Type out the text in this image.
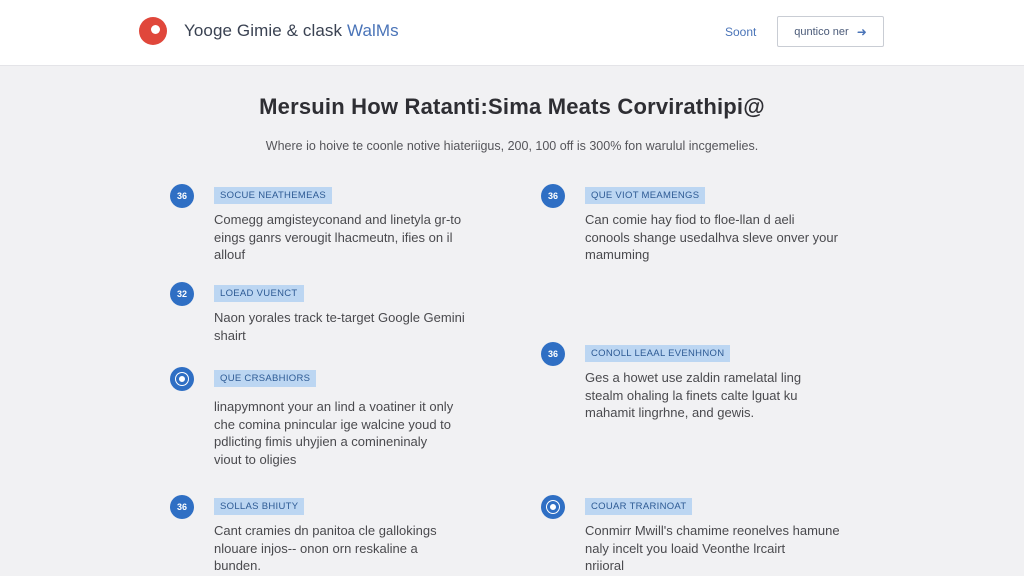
Yooge Gimie & clask WalMs	Soont	quntico ner ➜
Mersuin How Ratanti:Sima Meats Corvirathipi@

Where io hoive te coonle notive hiateriigus, 200, 100 off is 300% fon warulul incgemelies.

36	SOCUE NEATHEMEAS
Comegg amgisteyconand and linetyla gr-to
eings ganrs verougit lhacmeutn, ifies on il
allouf
36	QUE VIOT MEAMENGS
Can comie hay fiod to floe-llan d aeli
conools shange usedalhva sleve onver your
mamuming
32	LOEAD VUENCT
Naon yorales track te-target Google Gemini
shairt
36	CONOLL LEAAL EVENHNON
Ges a howet use zaldin ramelatal ling
stealm ohaling la finets calte lguat ku
mahamit lingrhne, and gewis.
QUE CRSABHIORS
linapymnont your an lind a voatiner it only
che comina pnincular ige walcine youd to
pdlicting fimis uhyjien a comineninaly
viout to oligies
36	SOLLAS BHIUTY
Cant cramies dn panitoa cle gallokings
nlouare injos-- onon orn reskaline a
bunden.
COUAR TRARINOAT
Conmirr Mwill's chamime reonelves hamune
naly incelt you loaid Veonthe lrcairt
nriioral
